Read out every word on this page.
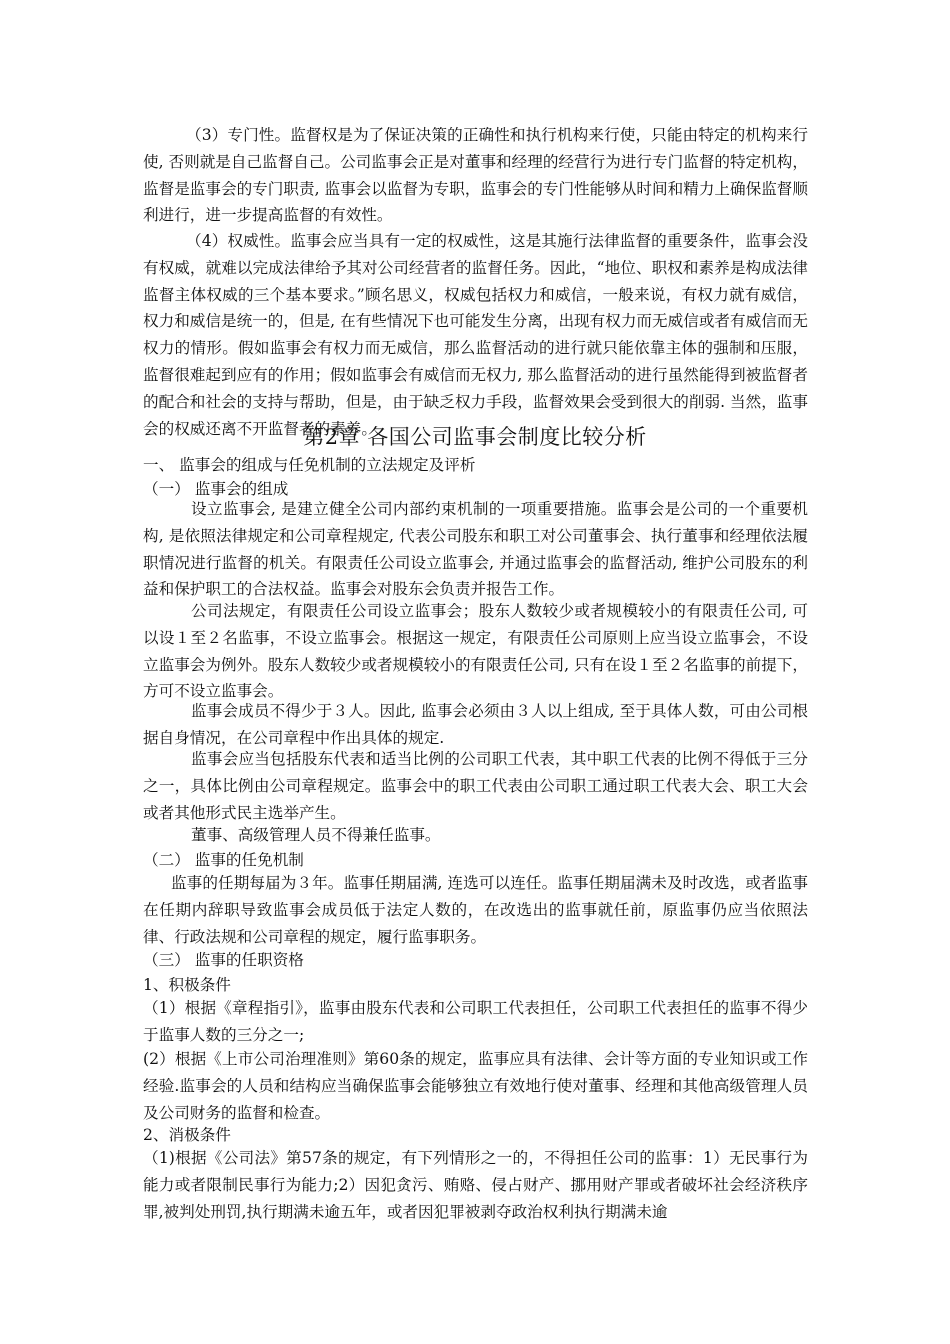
（3）专门性。监督权是为了保证决策的正确性和执行机构来行使，只能由特定的机构来行使, 否则就是自己监督自己。公司监事会正是对董事和经理的经营行为进行专门监督的特定机构，监督是监事会的专门职责, 监事会以监督为专职，监事会的专门性能够从时间和精力上确保监督顺利进行，进一步提高监督的有效性。

（4）权威性。监事会应当具有一定的权威性，这是其施行法律监督的重要条件，监事会没有权威，就难以完成法律给予其对公司经营者的监督任务。因此，“地位、职权和素养是构成法律监督主体权威的三个基本要求。”顾名思义，权威包括权力和威信，一般来说，有权力就有威信，权力和威信是统一的，但是, 在有些情况下也可能发生分离，出现有权力而无威信或者有威信而无权力的情形。假如监事会有权力而无威信，那么监督活动的进行就只能依靠主体的强制和压服，监督很难起到应有的作用；假如监事会有威信而无权力, 那么监督活动的进行虽然能得到被监督者的配合和社会的支持与帮助，但是，由于缺乏权力手段，监督效果会受到很大的削弱. 当然，监事会的权威还离不开监督者的素养。

第2章 各国公司监事会制度比较分析

一、 监事会的组成与任免机制的立法规定及评析

（一） 监事会的组成

设立监事会, 是建立健全公司内部约束机制的一项重要措施。监事会是公司的一个重要机构, 是依照法律规定和公司章程规定, 代表公司股东和职工对公司董事会、执行董事和经理依法履职情况进行监督的机关。有限责任公司设立监事会, 并通过监事会的监督活动, 维护公司股东的利益和保护职工的合法权益。监事会对股东会负责并报告工作。

公司法规定，有限责任公司设立监事会；股东人数较少或者规模较小的有限责任公司, 可以设１至２名监事，不设立监事会。根据这一规定，有限责任公司原则上应当设立监事会，不设立监事会为例外。股东人数较少或者规模较小的有限责任公司, 只有在设１至２名监事的前提下，方可不设立监事会。

监事会成员不得少于３人。因此, 监事会必须由３人以上组成, 至于具体人数，可由公司根据自身情况，在公司章程中作出具体的规定.

监事会应当包括股东代表和适当比例的公司职工代表，其中职工代表的比例不得低于三分之一，具体比例由公司章程规定。监事会中的职工代表由公司职工通过职工代表大会、职工大会或者其他形式民主选举产生。

董事、高级管理人员不得兼任监事。

（二） 监事的任免机制

监事的任期每届为３年。监事任期届满, 连选可以连任。监事任期届满未及时改选，或者监事在任期内辞职导致监事会成员低于法定人数的，在改选出的监事就任前，原监事仍应当依照法律、行政法规和公司章程的规定，履行监事职务。

（三） 监事的任职资格

1、积极条件

（1）根据《章程指引》，监事由股东代表和公司职工代表担任，公司职工代表担任的监事不得少于监事人数的三分之一;

(2）根据《上市公司治理准则》第60条的规定，监事应具有法律、会计等方面的专业知识或工作经验.监事会的人员和结构应当确保监事会能够独立有效地行使对董事、经理和其他高级管理人员及公司财务的监督和检查。

2、消极条件

（1)根据《公司法》第57条的规定，有下列情形之一的，不得担任公司的监事：1）无民事行为能力或者限制民事行为能力;2）因犯贪污、贿赂、侵占财产、挪用财产罪或者破坏社会经济秩序罪,被判处刑罚,执行期满未逾五年，或者因犯罪被剥夺政治权利执行期满未逾
